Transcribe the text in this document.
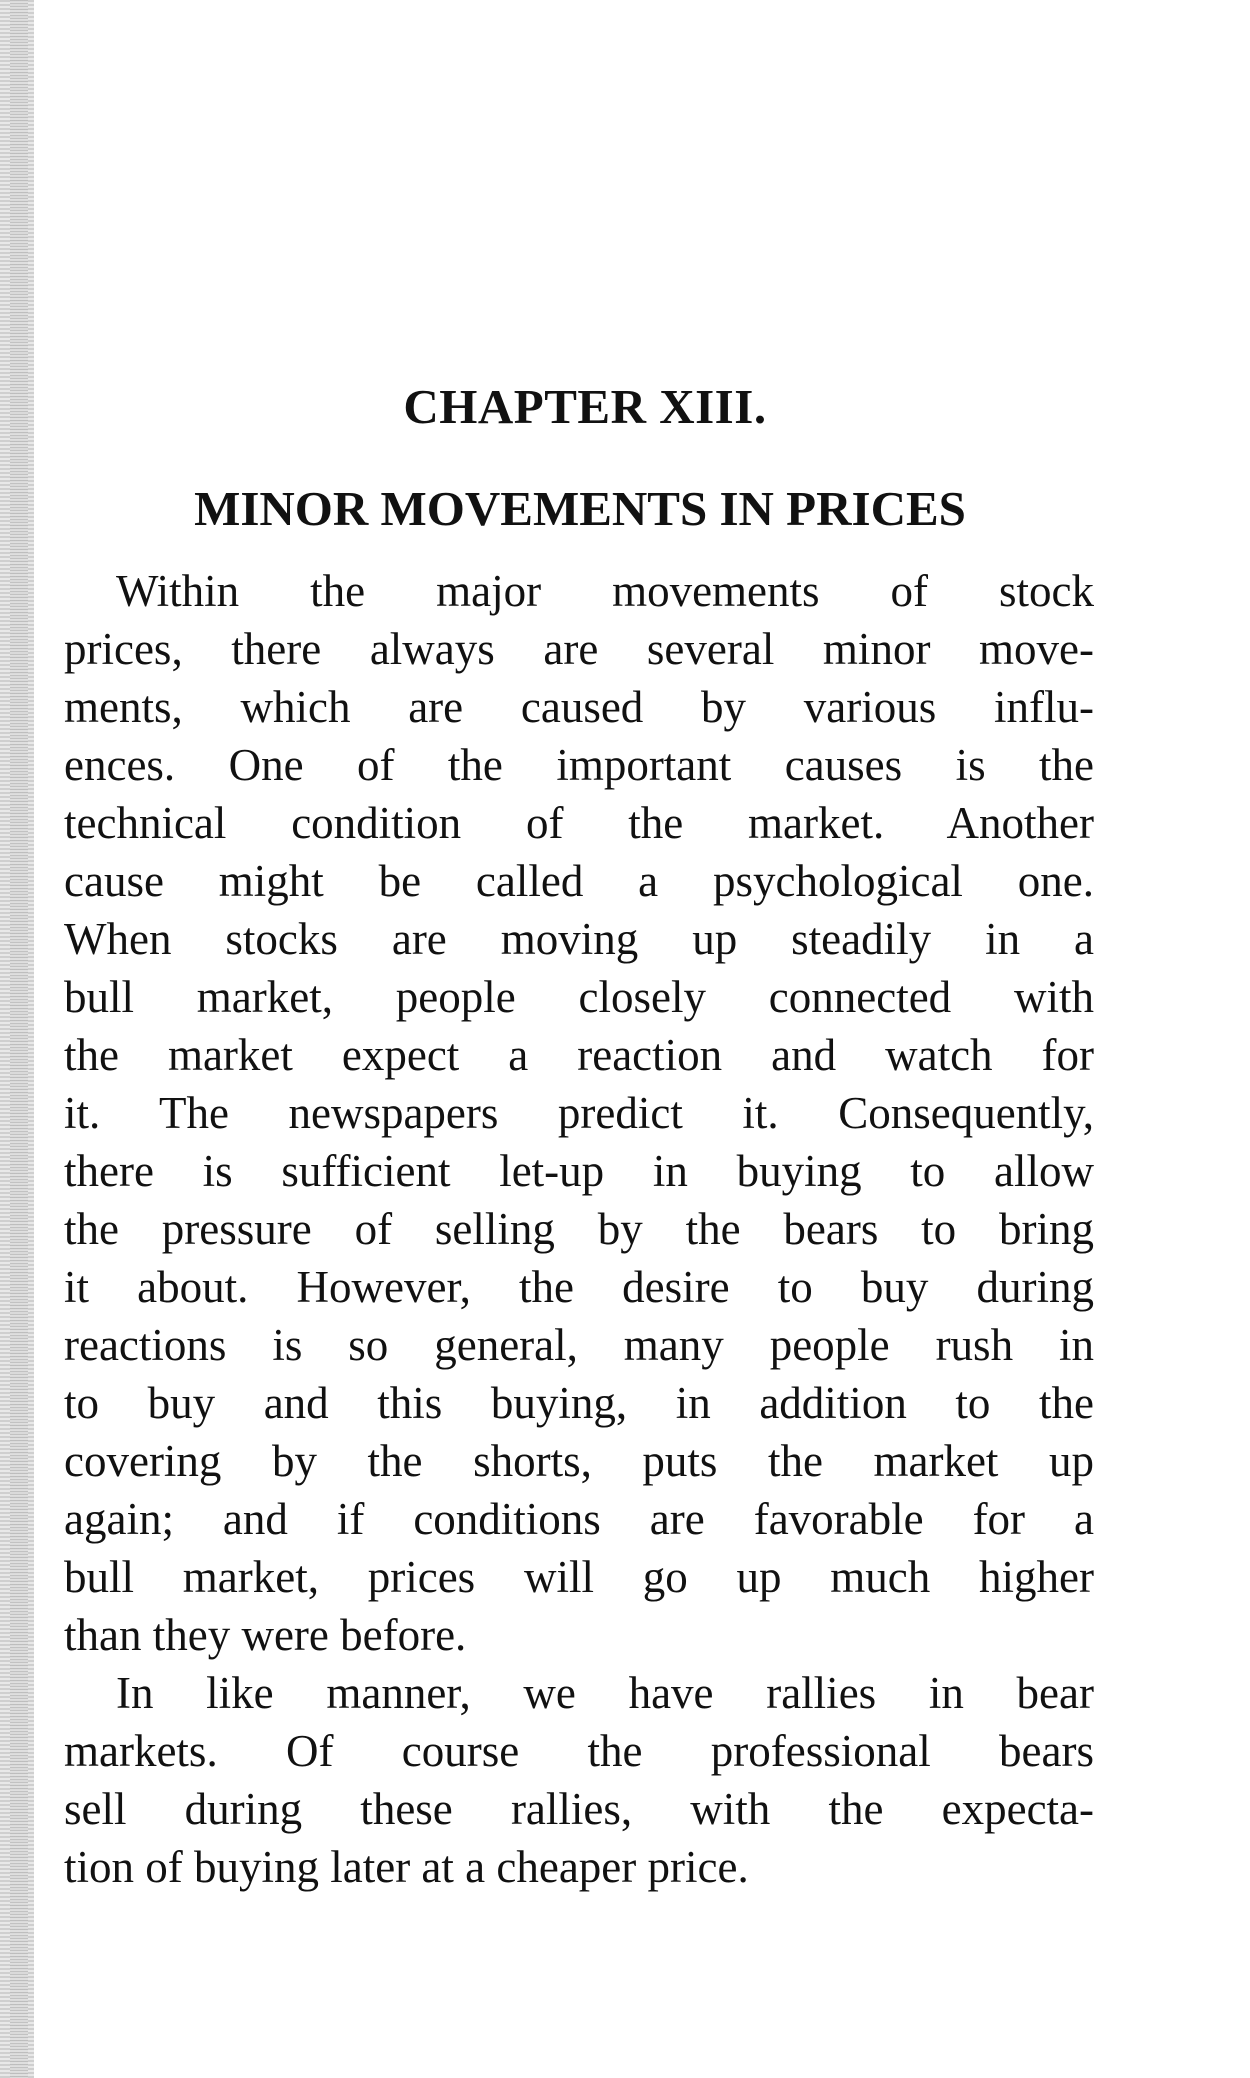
CHAPTER XIII.
MINOR MOVEMENTS IN PRICES
Within the major movements of stock
prices, there always are several minor move-
ments, which are caused by various influ-
ences. One of the important causes is the
technical condition of the market. Another
cause might be called a psychological one.
When stocks are moving up steadily in a
bull market, people closely connected with
the market expect a reaction and watch for
it. The newspapers predict it. Consequently,
there is sufficient let-up in buying to allow
the pressure of selling by the bears to bring
it about. However, the desire to buy during
reactions is so general, many people rush in
to buy and this buying, in addition to the
covering by the shorts, puts the market up
again; and if conditions are favorable for a
bull market, prices will go up much higher
than they were before.
In like manner, we have rallies in bear
markets. Of course the professional bears
sell during these rallies, with the expecta-
tion of buying later at a cheaper price.
